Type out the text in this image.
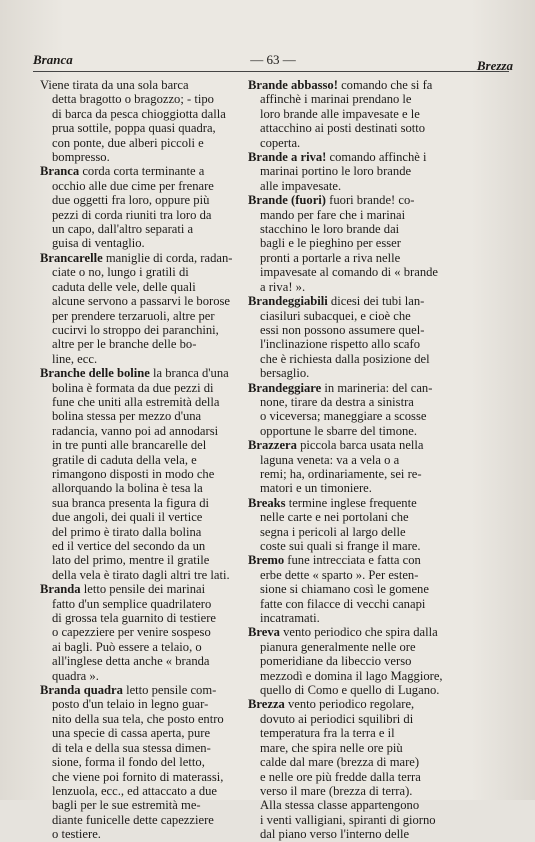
Branca	— 63 —	Brezza
Viene tirata da una sola barca
detta bragotto o bragozzo; - tipo
di barca da pesca chioggiotta dalla
prua sottile, poppa quasi quadra,
con ponte, due alberi piccoli e
bompresso.
Branca corda corta terminante a
occhio alle due cime per frenare
due oggetti fra loro, oppure più
pezzi di corda riuniti tra loro da
un capo, dall'altro separati a
guisa di ventaglio.
Brancarelle maniglie di corda, radan-
ciate o no, lungo i gratili di
caduta delle vele, delle quali
alcune servono a passarvi le borose
per prendere terzaruoli, altre per
cucirvi lo stroppo dei paranchini,
altre per le branche delle bo-
line, ecc.
Branche delle boline la branca d'una
bolina è formata da due pezzi di
fune che uniti alla estremità della
bolina stessa per mezzo d'una
radancia, vanno poi ad annodarsi
in tre punti alle brancarelle del
gratile di caduta della vela, e
rimangono disposti in modo che
allorquando la bolina è tesa la
sua branca presenta la figura di
due angoli, dei quali il vertice
del primo è tirato dalla bolina
ed il vertice del secondo da un
lato del primo, mentre il gratile
della vela è tirato dagli altri tre lati.
Branda letto pensile dei marinai
fatto d'un semplice quadrilatero
di grossa tela guarnito di testiere
o capezziere per venire sospeso
ai bagli. Può essere a telaio, o
all'inglese detta anche « branda
quadra ».
Branda quadra letto pensile com-
posto d'un telaio in legno guar-
nito della sua tela, che posto entro
una specie di cassa aperta, pure
di tela e della sua stessa dimen-
sione, forma il fondo del letto,
che viene poi fornito di materassi,
lenzuola, ecc., ed attaccato a due
bagli per le sue estremità me-
diante funicelle dette capezziere
o testiere.
Brande abbasso! comando che si fa
affinchè i marinai prendano le
loro brande alle impavesate e le
attacchino ai posti destinati sotto
coperta.
Brande a riva! comando affinchè i
marinai portino le loro brande
alle impavesate.
Brande (fuori) fuori brande! co-
mando per fare che i marinai
stacchino le loro brande dai
bagli e le pieghino per esser
pronti a portarle a riva nelle
impavesate al comando di « brande
a riva! ».
Brandeggiabili dicesi dei tubi lan-
ciasiluri subacquei, e cioè che
essi non possono assumere quel-
l'inclinazione rispetto allo scafo
che è richiesta dalla posizione del
bersaglio.
Brandeggiare in marineria: del can-
none, tirare da destra a sinistra
o viceversa; maneggiare a scosse
opportune le sbarre del timone.
Brazzera piccola barca usata nella
laguna veneta: va a vela o a
remi; ha, ordinariamente, sei re-
matori e un timoniere.
Breaks termine inglese frequente
nelle carte e nei portolani che
segna i pericoli al largo delle
coste sui quali si frange il mare.
Bremo fune intrecciata e fatta con
erbe dette « sparto ». Per esten-
sione si chiamano così le gomene
fatte con filacce di vecchi canapi
incatramati.
Breva vento periodico che spira dalla
pianura generalmente nelle ore
pomeridiane da libeccio verso
mezzodì e domina il lago Maggiore,
quello di Como e quello di Lugano.
Brezza vento periodico regolare,
dovuto ai periodici squilibri di
temperatura fra la terra e il
mare, che spira nelle ore più
calde dal mare (brezza di mare)
e nelle ore più fredde dalla terra
verso il mare (brezza di terra).
Alla stessa classe appartengono
i venti valligiani, spiranti di giorno
dal piano verso l'interno delle
